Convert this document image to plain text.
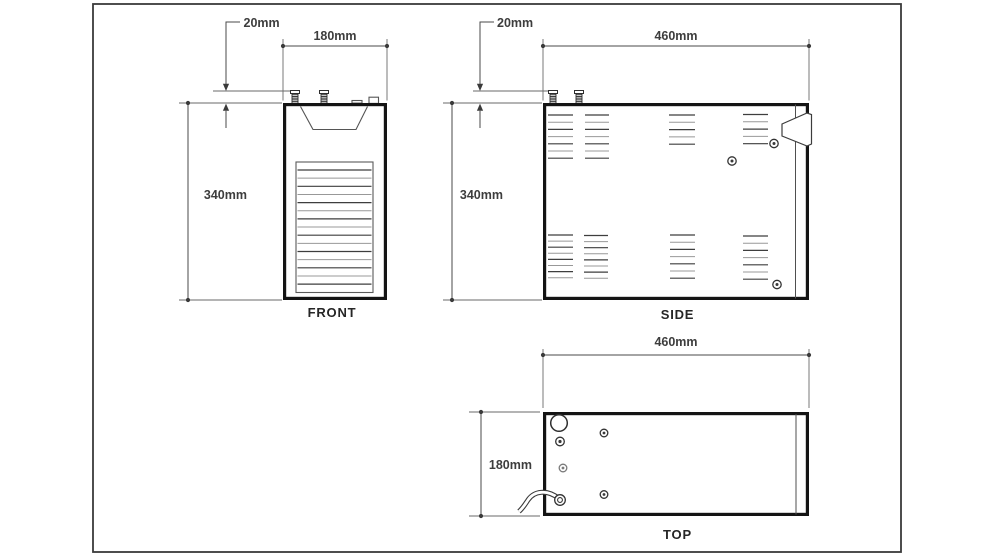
180mm
20mm
340mm
FRONT
460mm
20mm
340mm
SIDE
460mm
180mm
TOP
